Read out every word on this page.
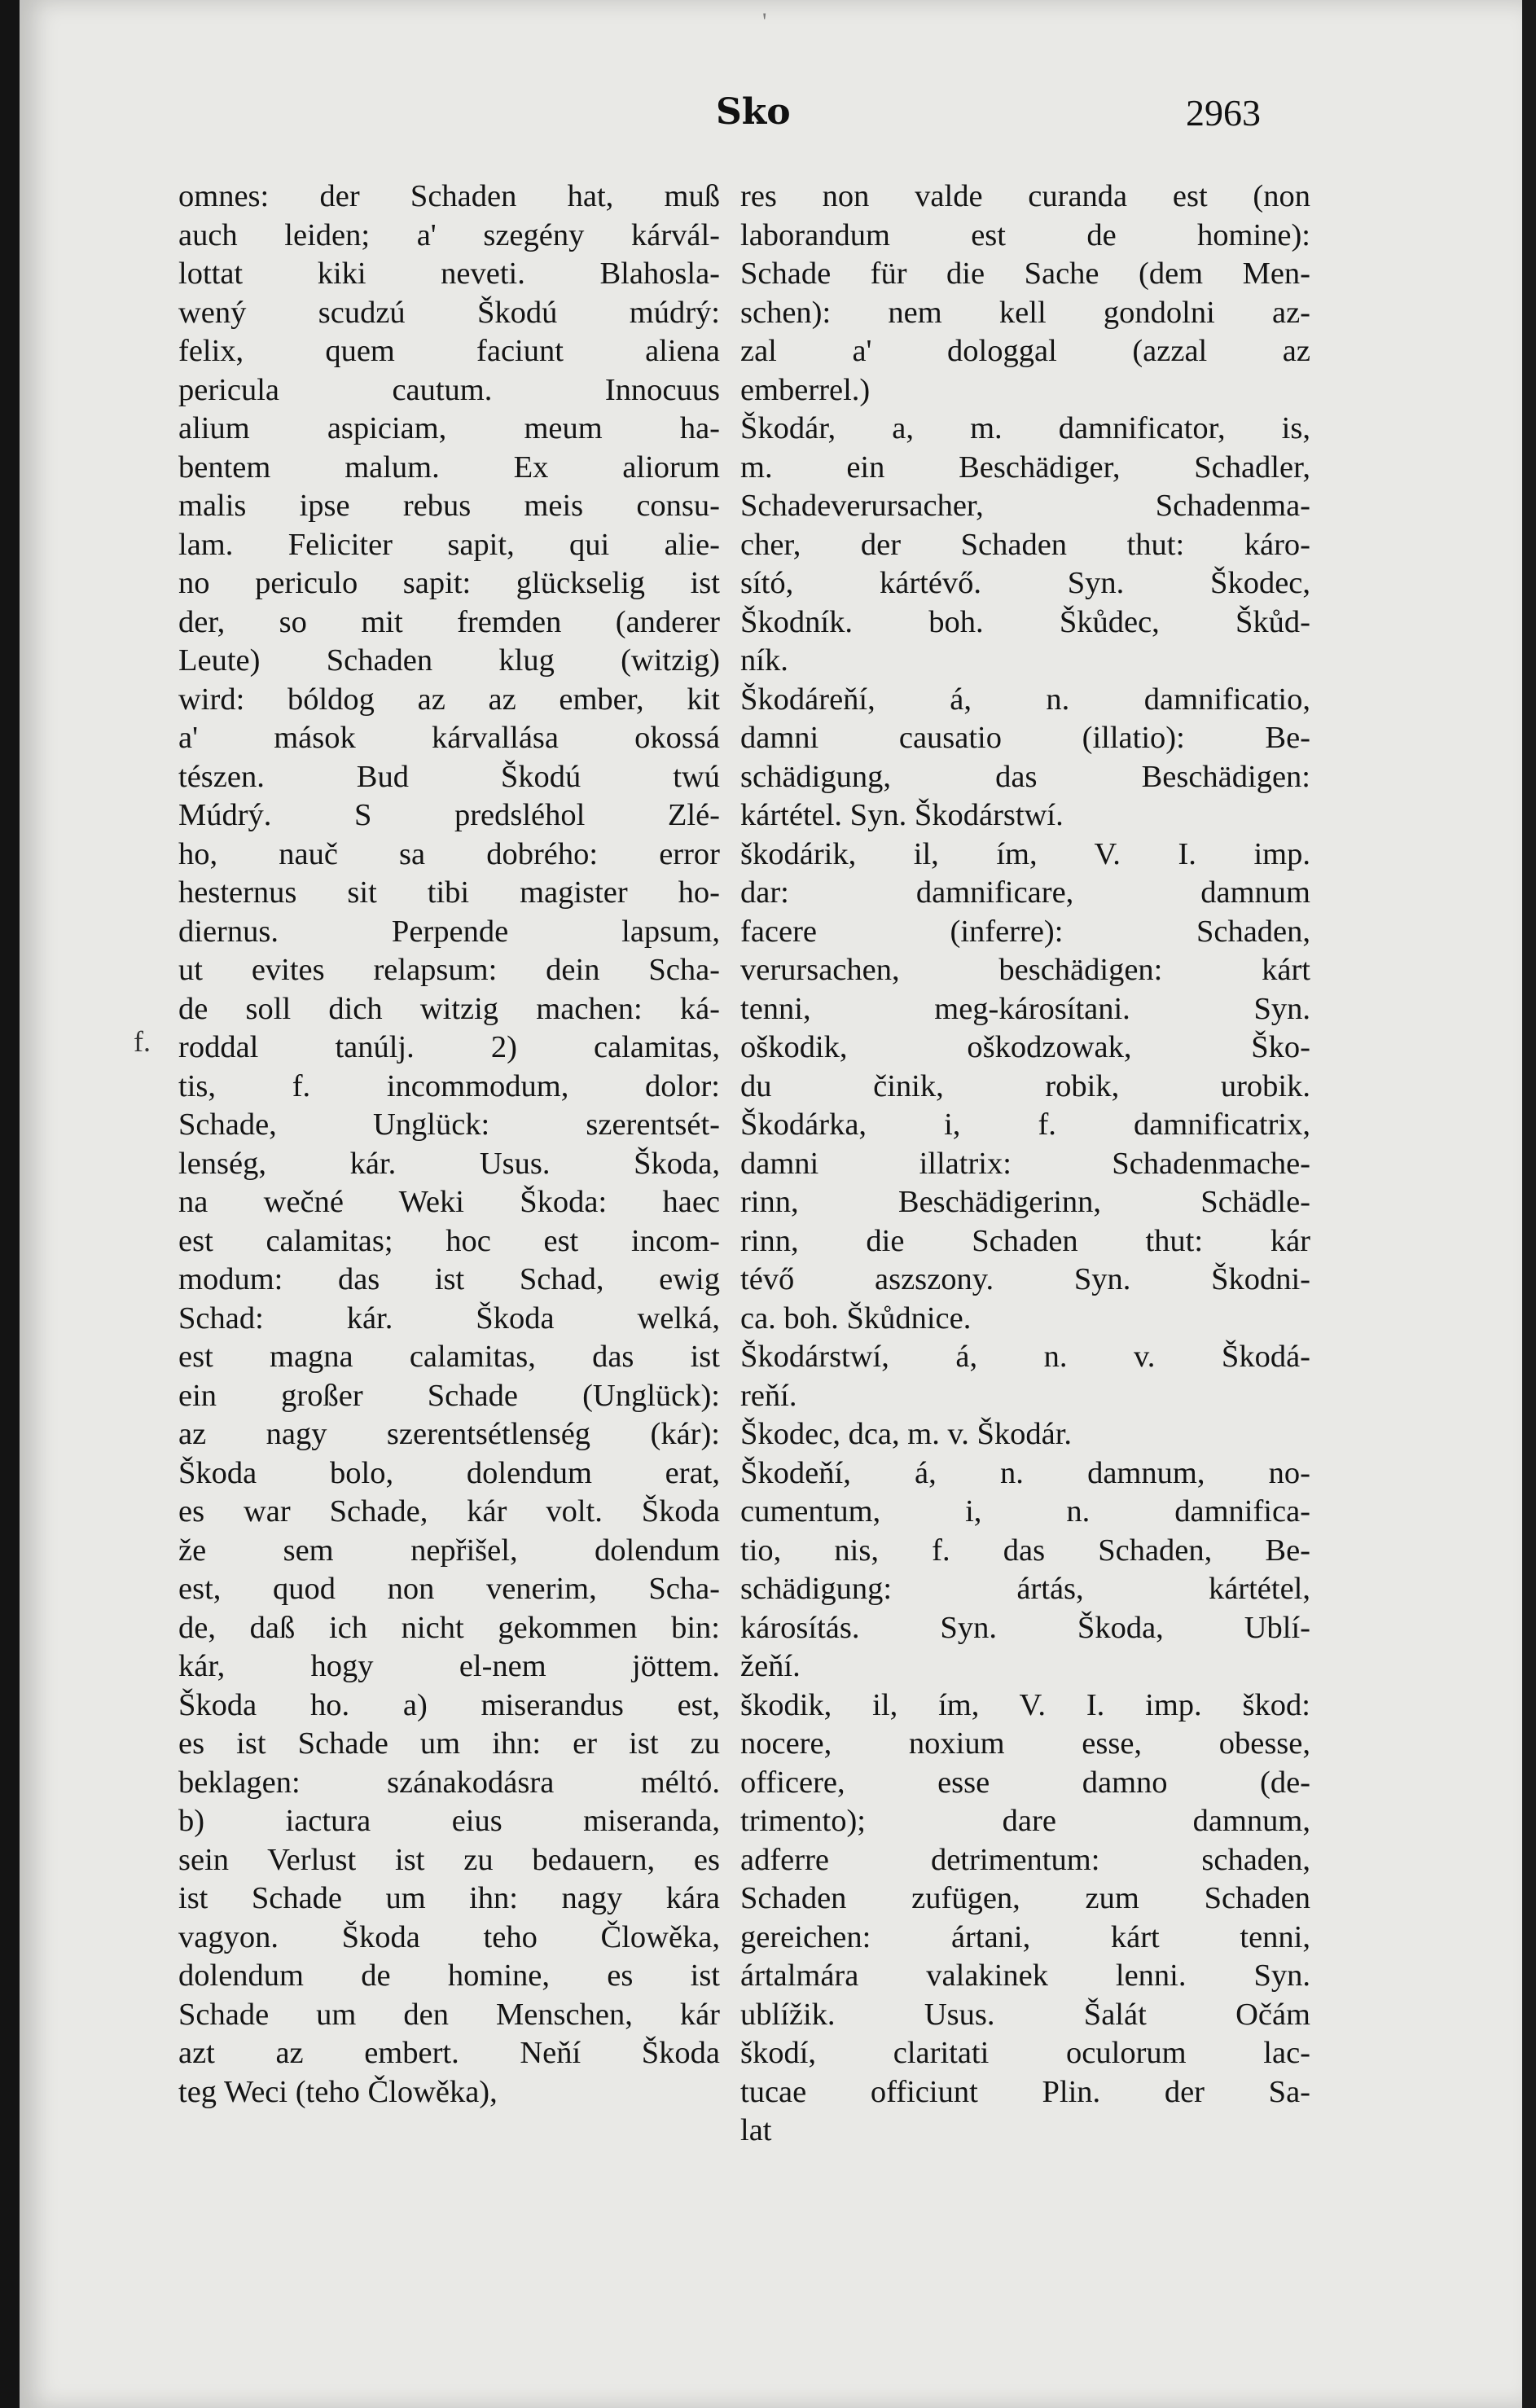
Sko	2963
'
omnes: der Schaden hat, muß
auch leiden; a' szegény kárvál-
lottat kiki neveti. Blahosla-
wený scudzú Škodú múdrý:
felix, quem faciunt aliena
pericula cautum. Innocuus
alium aspiciam, meum ha-
bentem malum. Ex aliorum
malis ipse rebus meis consu-
lam. Feliciter sapit, qui alie-
no periculo sapit: glückselig ist
der, so mit fremden (anderer
Leute) Schaden klug (witzig)
wird: bóldog az az ember, kit
a' mások kárvallása okossá
tészen. Bud Škodú twú
Múdrý. S predsléhol Zlé-
ho, nauč sa dobrého: error
hesternus sit tibi magister ho-
diernus. Perpende lapsum,
ut evites relapsum: dein Scha-
de soll dich witzig machen: ká-
roddal tanúlj. 2) calamitas,
tis, f. incommodum, dolor:
Schade, Unglück: szerentsét-
lenség, kár. Usus. Škoda,
na wečné Weki Škoda: haec
est calamitas; hoc est incom-
modum: das ist Schad, ewig
Schad: kár. Škoda welká,
est magna calamitas, das ist
ein großer Schade (Unglück):
az nagy szerentsétlenség (kár):
Škoda bolo, dolendum erat,
es war Schade, kár volt. Škoda
že sem nepřišel, dolendum
est, quod non venerim, Scha-
de, daß ich nicht gekommen bin:
kár, hogy el-nem jöttem.
Škoda ho. a) miserandus est,
es ist Schade um ihn: er ist zu
beklagen: szánakodásra méltó.
b) iactura eius miseranda,
sein Verlust ist zu bedauern, es
ist Schade um ihn: nagy kára
vagyon. Škoda teho Člowěka,
dolendum de homine, es ist
Schade um den Menschen, kár
azt az embert. Neňí Škoda
teg Weci (teho Člowěka),
res non valde curanda est (non
laborandum est de homine):
Schade für die Sache (dem Men-
schen): nem kell gondolni az-
zal a' dologgal (azzal az
emberrel.)
Škodár, a, m. damnificator, is,
m. ein Beschädiger, Schadler,
Schadeverursacher, Schadenma-
cher, der Schaden thut: káro-
sító, kártévő. Syn. Škodec,
Škodník. boh. Škůdec, Škůd-
ník.
Škodáreňí, á, n. damnificatio,
damni causatio (illatio): Be-
schädigung, das Beschädigen:
kártétel. Syn. Škodárstwí.
škodárik, il, ím, V. I. imp.
dar: damnificare, damnum
facere (inferre): Schaden,
verursachen, beschädigen: kárt
tenni, meg-károsítani. Syn.
oškodik, oškodzowak, Ško-
du činik, robik, urobik.
Škodárka, i, f. damnificatrix,
damni illatrix: Schadenmache-
rinn, Beschädigerinn, Schädle-
rinn, die Schaden thut: kár
tévő aszszony. Syn. Škodni-
ca. boh. Škůdnice.
Škodárstwí, á, n. v. Škodá-
reňí.
Škodec, dca, m. v. Škodár.
Škodeňí, á, n. damnum, no-
cumentum, i, n. damnifica-
tio, nis, f. das Schaden, Be-
schädigung: ártás, kártétel,
károsítás. Syn. Škoda, Ublí-
žeňí.
škodik, il, ím, V. I. imp. škod:
nocere, noxium esse, obesse,
officere, esse damno (de-
trimento); dare damnum,
adferre detrimentum: schaden,
Schaden zufügen, zum Schaden
gereichen: ártani, kárt tenni,
ártalmára valakinek lenni. Syn.
ublížik. Usus. Šalát Očám
škodí, claritati oculorum lac-
tucae officiunt Plin. der Sa-
lat
f.
